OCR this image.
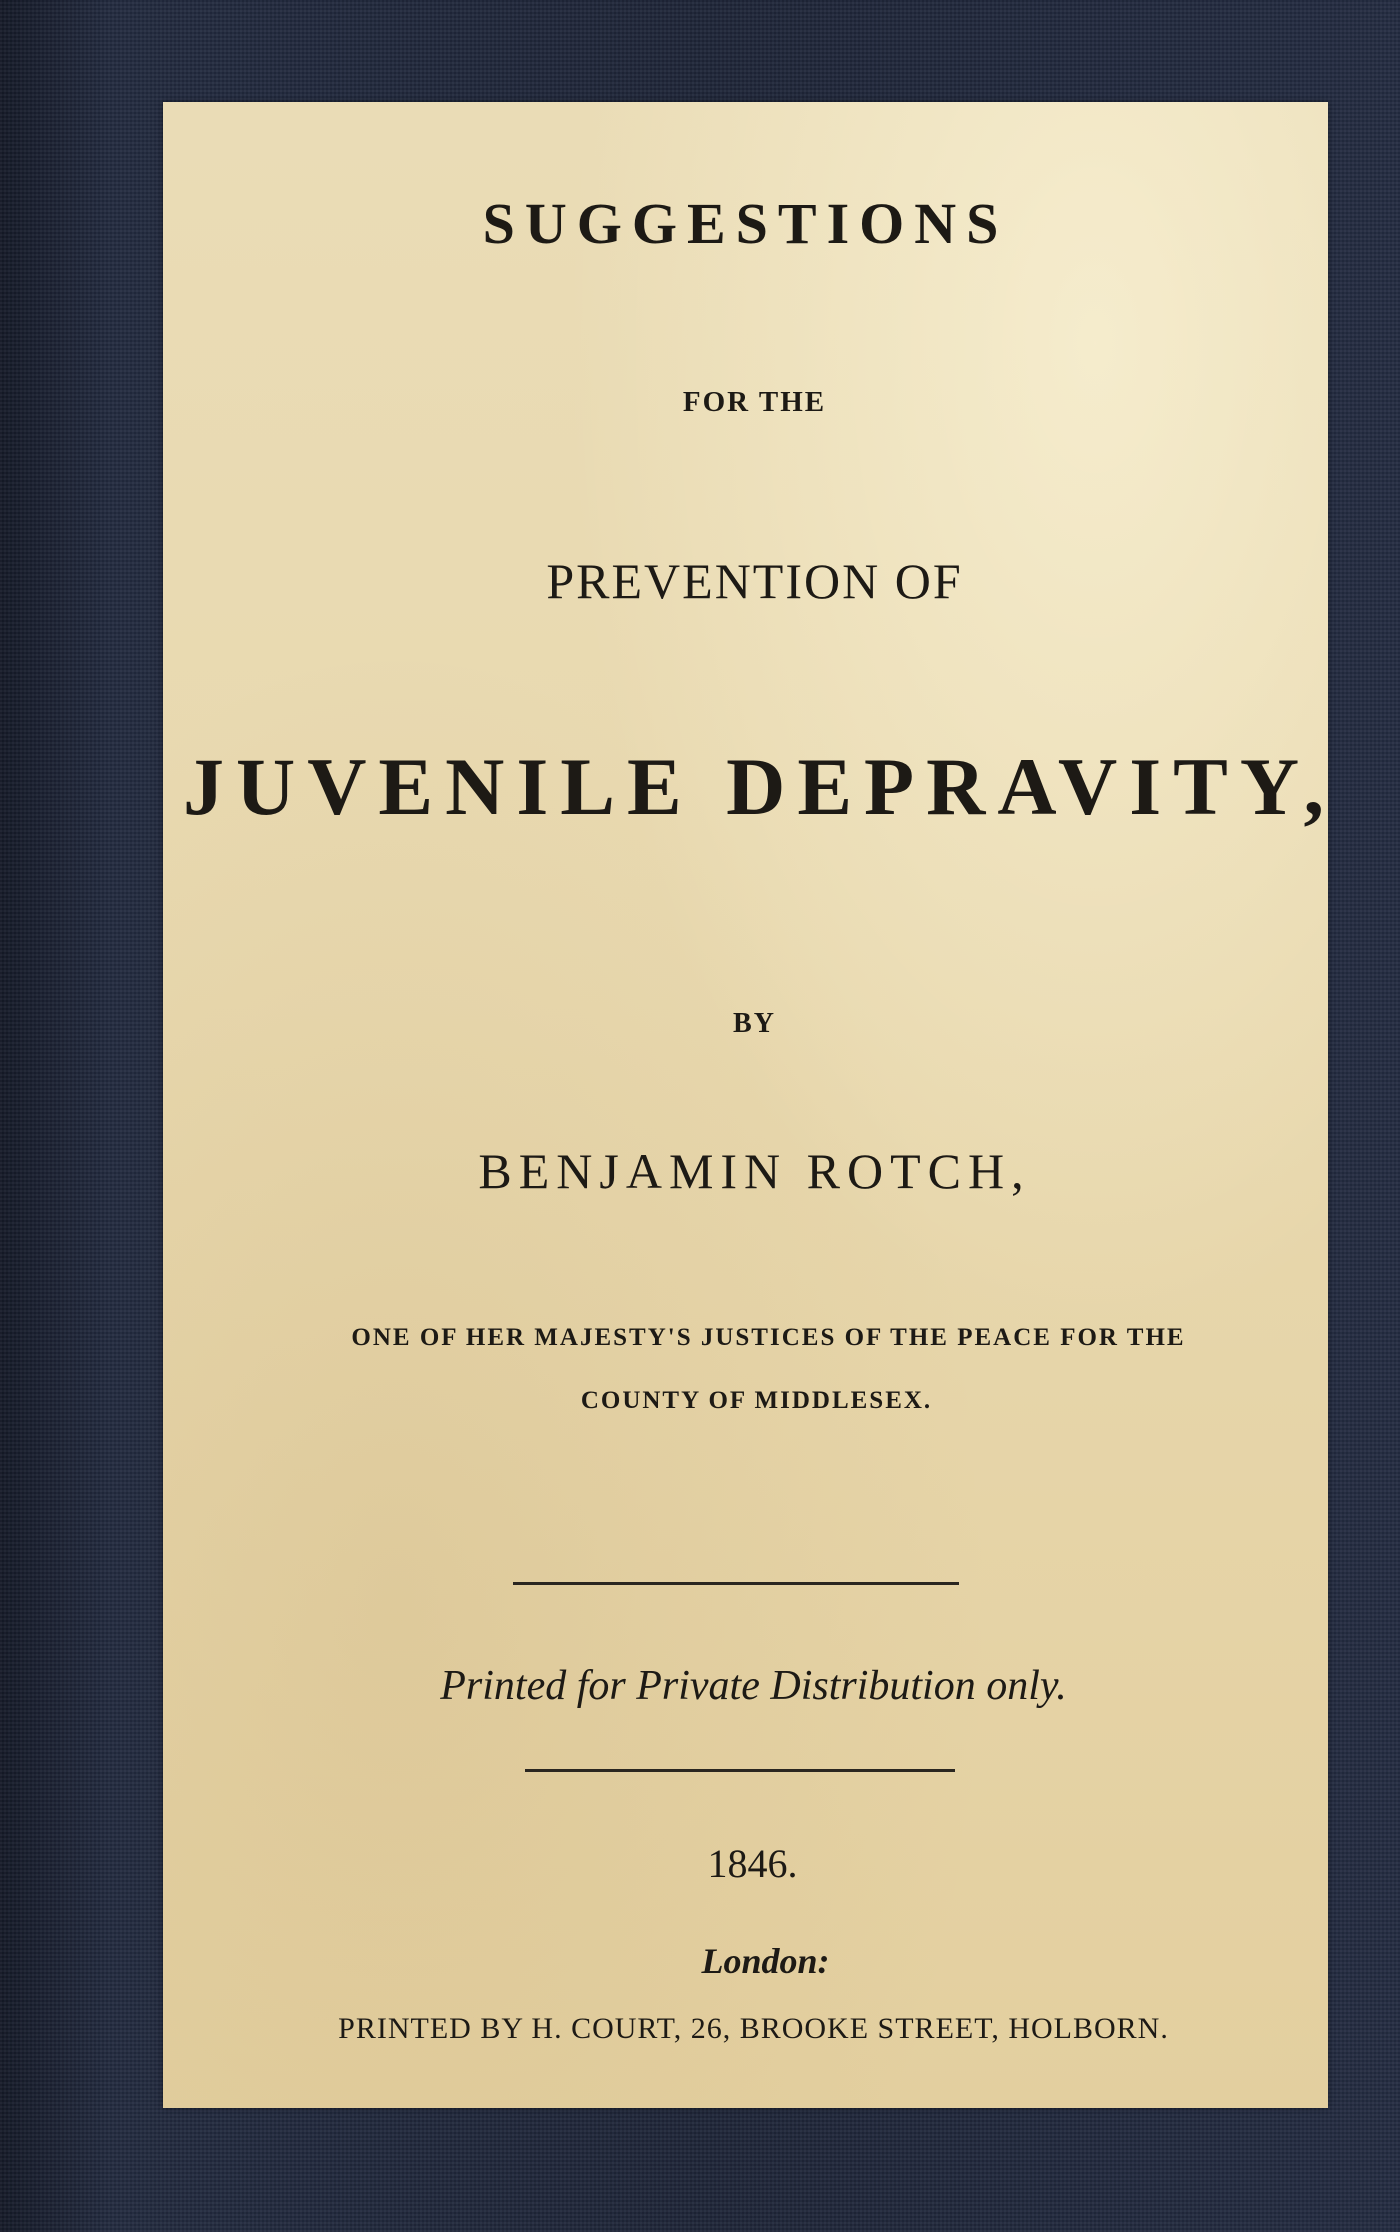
SUGGESTIONS
FOR THE
PREVENTION OF
JUVENILE DEPRAVITY,
BY
BENJAMIN ROTCH,
ONE OF HER MAJESTY'S JUSTICES OF THE PEACE FOR THE
COUNTY OF MIDDLESEX.
Printed for Private Distribution only.
1846.
London:
PRINTED BY H. COURT, 26, BROOKE STREET, HOLBORN.
